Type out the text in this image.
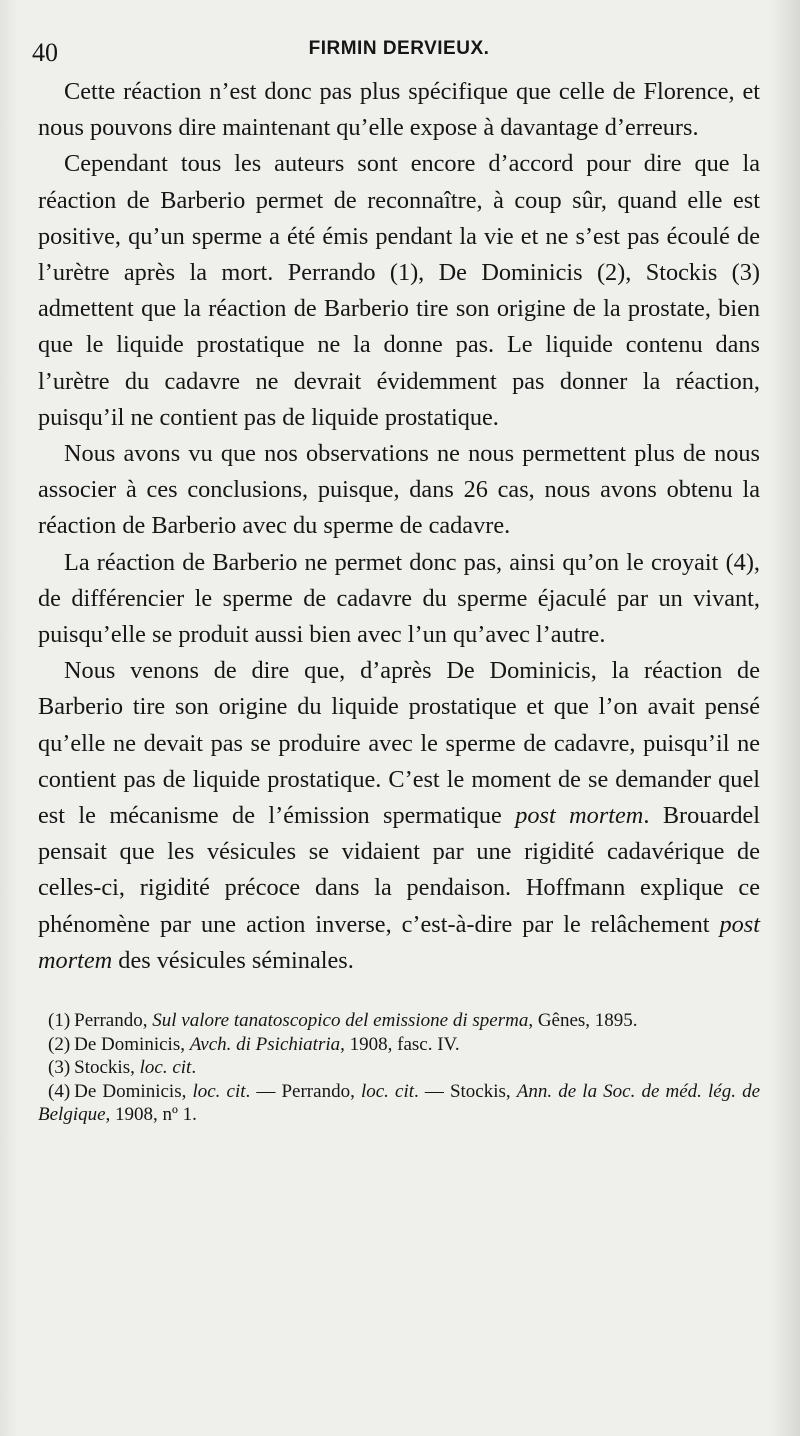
40	FIRMIN DERVIEUX.

Cette réaction n’est donc pas plus spécifique que celle de Florence, et nous pouvons dire maintenant qu’elle expose à davantage d’erreurs.

Cependant tous les auteurs sont encore d’accord pour dire que la réaction de Barberio permet de reconnaître, à coup sûr, quand elle est positive, qu’un sperme a été émis pendant la vie et ne s’est pas écoulé de l’urètre après la mort. Perrando (1), De Dominicis (2), Stockis (3) admettent que la réaction de Barberio tire son origine de la prostate, bien que le liquide prostatique ne la donne pas. Le liquide contenu dans l’urètre du cadavre ne devrait évidemment pas donner la réaction, puisqu’il ne contient pas de liquide prostatique.

Nous avons vu que nos observations ne nous permettent plus de nous associer à ces conclusions, puisque, dans 26 cas, nous avons obtenu la réaction de Barberio avec du sperme de cadavre.

La réaction de Barberio ne permet donc pas, ainsi qu’on le croyait (4), de différencier le sperme de cadavre du sperme éjaculé par un vivant, puisqu’elle se produit aussi bien avec l’un qu’avec l’autre.

Nous venons de dire que, d’après De Dominicis, la réaction de Barberio tire son origine du liquide prostatique et que l’on avait pensé qu’elle ne devait pas se produire avec le sperme de cadavre, puisqu’il ne contient pas de liquide prostatique. C’est le moment de se demander quel est le mécanisme de l’émission spermatique post mortem. Brouardel pensait que les vésicules se vidaient par une rigidité cadavérique de celles-ci, rigidité précoce dans la pendaison. Hoffmann explique ce phénomène par une action inverse, c’est-à-dire par le relâchement post mortem des vésicules séminales.

(1) Perrando, Sul valore tanatoscopico del emissione di sperma, Gênes, 1895.

(2) De Dominicis, Avch. di Psichiatria, 1908, fasc. IV.

(3) Stockis, loc. cit.

(4) De Dominicis, loc. cit. — Perrando, loc. cit. — Stockis, Ann. de la Soc. de méd. lég. de Belgique, 1908, nº 1.
